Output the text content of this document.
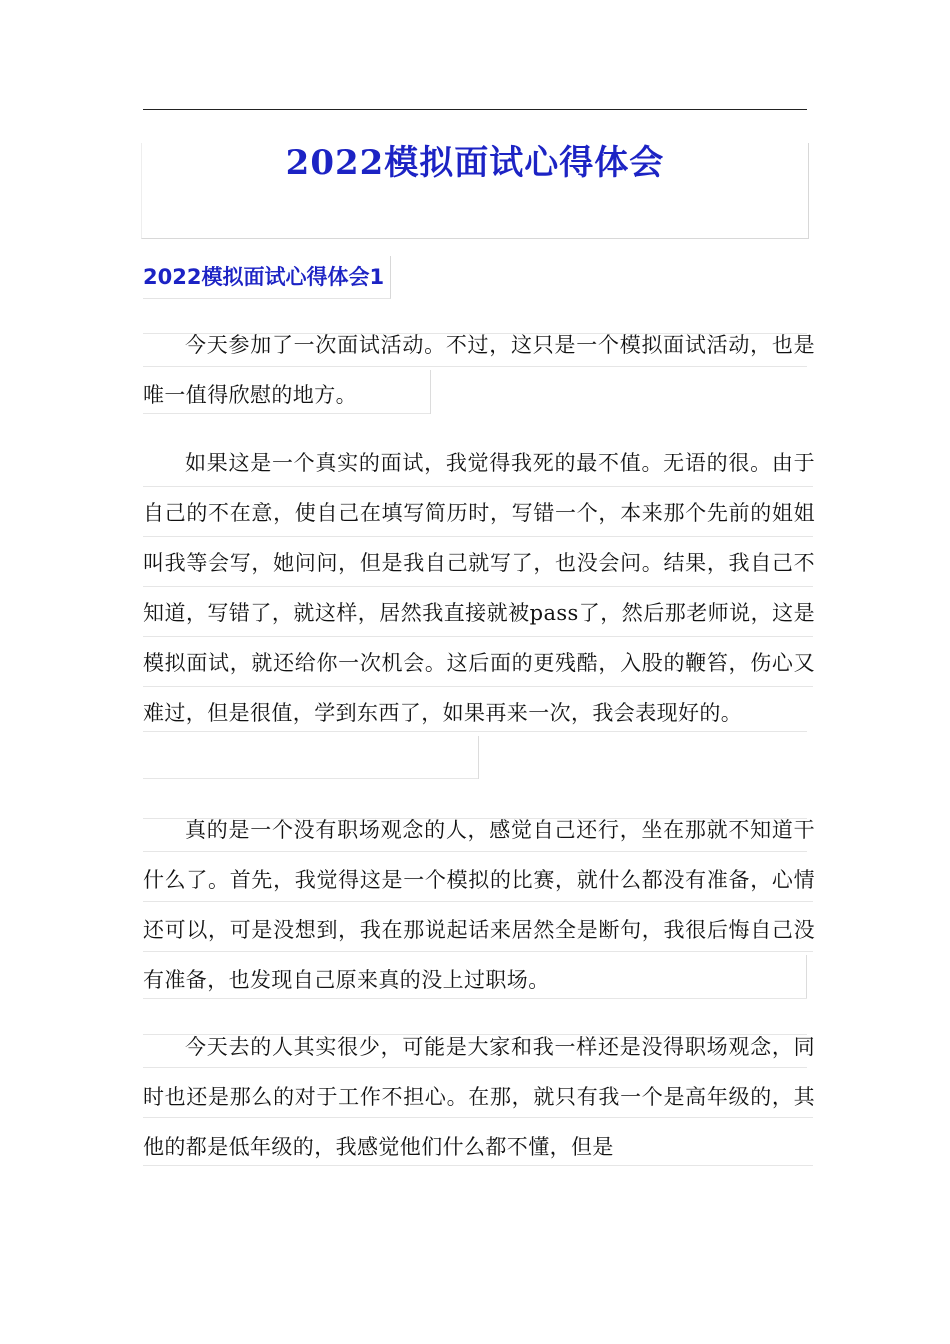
2022模拟面试心得体会
2022模拟面试心得体会1

今天参加了一次面试活动。不过，这只是一个模拟面试活动，也是唯一值得欣慰的地方。

如果这是一个真实的面试，我觉得我死的最不值。无语的很。由于自己的不在意，使自己在填写简历时，写错一个，本来那个先前的姐姐叫我等会写，她问问，但是我自己就写了，也没会问。结果，我自己不知道，写错了，就这样，居然我直接就被pass了，然后那老师说，这是模拟面试，就还给你一次机会。这后面的更残酷，入股的鞭笞，伤心又难过，但是很值，学到东西了，如果再来一次，我会表现好的。

真的是一个没有职场观念的人，感觉自己还行，坐在那就不知道干什么了。首先，我觉得这是一个模拟的比赛，就什么都没有准备，心情还可以，可是没想到，我在那说起话来居然全是断句，我很后悔自己没有准备，也发现自己原来真的没上过职场。

今天去的人其实很少，可能是大家和我一样还是没得职场观念，同时也还是那么的对于工作不担心。在那，就只有我一个是高年级的，其他的都是低年级的，我感觉他们什么都不懂，但是
